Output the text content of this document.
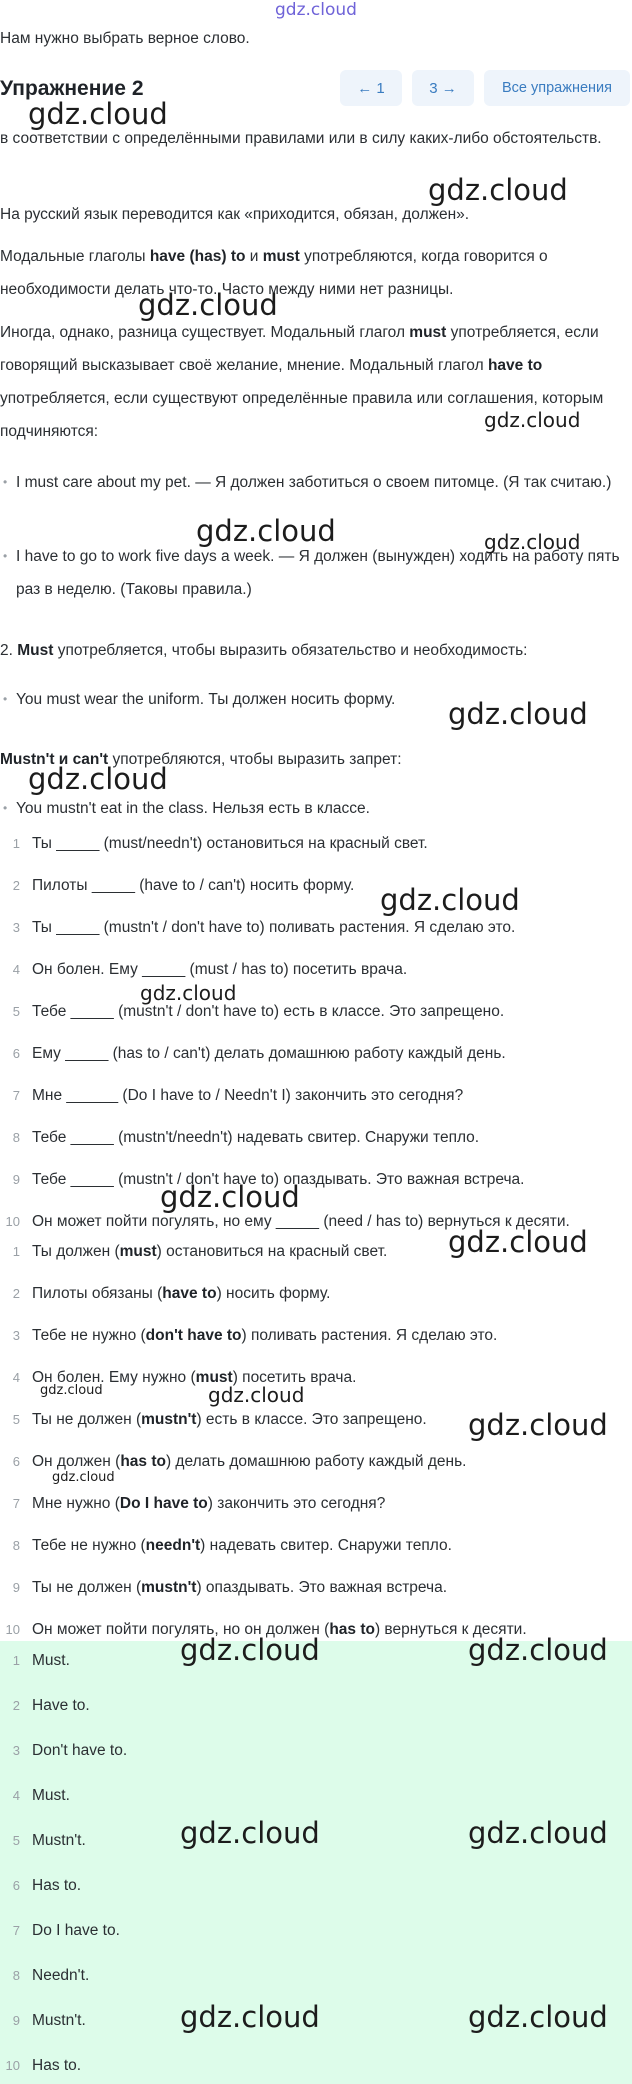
gdz.cloud
Нам нужно выбрать верное слово.
Упражнение 2	← 1	3 →	Все упражнения
в соответствии с определёнными правилами или в силу каких-либо обстоятельств.
На русский язык переводится как «приходится, обязан, должен».
Модальные глаголы have (has) to и must употребляются, когда говорится о необходимости делать что-то. Часто между ними нет разницы.
Иногда, однако, разница существует. Модальный глагол must употребляется, если говорящий высказывает своё желание, мнение. Модальный глагол have to употребляется, если существуют определённые правила или соглашения, которым подчиняются:
• I must care about my pet. — Я должен заботиться о своем питомце. (Я так считаю.)
• I have to go to work five days a week. — Я должен (вынужден) ходить на работу пять раз в неделю. (Таковы правила.)
2. Must употребляется, чтобы выразить обязательство и необходимость:
• You must wear the uniform. Ты должен носить форму.
Mustn't и can't употребляются, чтобы выразить запрет:
• You mustn't eat in the class. Нельзя есть в классе.
1 Ты _____ (must/needn't) остановиться на красный свет.
2 Пилоты _____ (have to / can't) носить форму.
3 Ты _____ (mustn't / don't have to) поливать растения. Я сделаю это.
4 Он болен. Ему _____ (must / has to) посетить врача.
5 Тебе _____ (mustn't / don't have to) есть в классе. Это запрещено.
6 Ему _____ (has to / can't) делать домашнюю работу каждый день.
7 Мне ______ (Do I have to / Needn't I) закончить это сегодня?
8 Тебе _____ (mustn't/needn't) надевать свитер. Снаружи тепло.
9 Тебе _____ (mustn't / don't have to) опаздывать. Это важная встреча.
10 Он может пойти погулять, но ему _____ (need / has to) вернуться к десяти.
1 Ты должен (must) остановиться на красный свет.
2 Пилоты обязаны (have to) носить форму.
3 Тебе не нужно (don't have to) поливать растения. Я сделаю это.
4 Он болен. Ему нужно (must) посетить врача.
5 Ты не должен (mustn't) есть в классе. Это запрещено.
6 Он должен (has to) делать домашнюю работу каждый день.
7 Мне нужно (Do I have to) закончить это сегодня?
8 Тебе не нужно (needn't) надевать свитер. Снаружи тепло.
9 Ты не должен (mustn't) опаздывать. Это важная встреча.
10 Он может пойти погулять, но он должен (has to) вернуться к десяти.
1 Must.
2 Have to.
3 Don't have to.
4 Must.
5 Mustn't.
6 Has to.
7 Do I have to.
8 Needn't.
9 Mustn't.
10 Has to.
gdz.cloud
gdz.cloud
gdz.cloud
gdz.cloud
gdz.cloud	gdz.cloud
gdz.cloud
gdz.cloud
gdz.cloud
gdz.cloud
gdz.cloud
gdz.cloud
gdz.cloud	gdz.cloud
gdz.cloud
gdz.cloud
gdz.cloud	gdz.cloud
gdz.cloud	gdz.cloud
gdz.cloud	gdz.cloud
